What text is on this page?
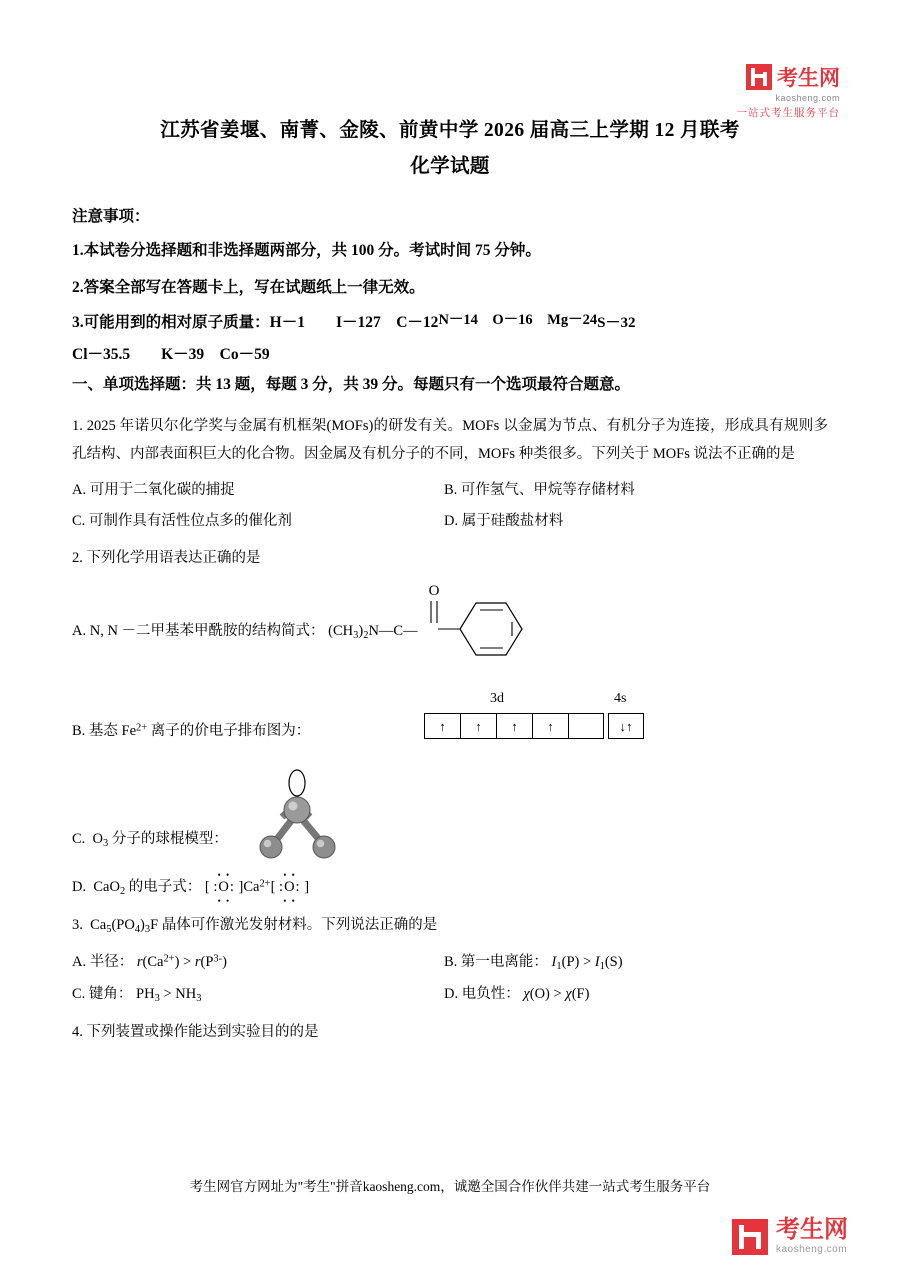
考生网
kaosheng.com
一站式考生服务平台
江苏省姜堰、南菁、金陵、前黄中学 2026 届高三上学期 12 月联考
化学试题
注意事项：
1.本试卷分选择题和非选择题两部分，共 100 分。考试时间 75 分钟。
2.答案全部写在答题卡上，写在试题纸上一律无效。
3.可能用到的相对原子质量：H－1　　I－127　C－12N－14　O－16　Mg－24S－32
Cl－35.5　　K－39　Co－59
一、单项选择题：共 13 题，每题 3 分，共 39 分。每题只有一个选项最符合题意。
1. 2025 年诺贝尔化学奖与金属有机框架(MOFs)的研发有关。MOFs 以金属为节点、有机分子为连接，形成具有规则多孔结构、内部表面积巨大的化合物。因金属及有机分子的不同，MOFs 种类很多。下列关于 MOFs 说法不正确的是
A. 可用于二氧化碳的捕捉	B. 可作氢气、甲烷等存储材料
C. 可制作具有活性位点多的催化剂	D. 属于硅酸盐材料
2. 下列化学用语表达正确的是
A. N, N －二甲基苯甲酰胺的结构简式： $(CH_3)_2N—C—$
O
B. 基态 $Fe^{2+}$ 离子的价电子排布图为：
3d	4s
↑	↑	↑	↑	↓↑
C.  $O_3$ 分子的球棍模型：
D.  CaO$_2$ 的电子式： [
• •
:O:
• •
]$Ca^{2+}$[
• •
:O:
• •
]
3.  $Ca_5(PO_4)_3F$ 晶体可作激光发射材料。下列说法正确的是
A. 半径： $r(Ca^{2+}) > r(P^{3-})$	B. 第一电离能： $I_1(P) > I_1(S)$
C. 键角： $PH_3 > NH_3$	D. 电负性： χ(O) > χ(F)
4. 下列装置或操作能达到实验目的的是
考生网官方网址为"考生"拼音kaosheng.com，诚邀全国合作伙伴共建一站式考生服务平台
考生网
kaosheng.com
